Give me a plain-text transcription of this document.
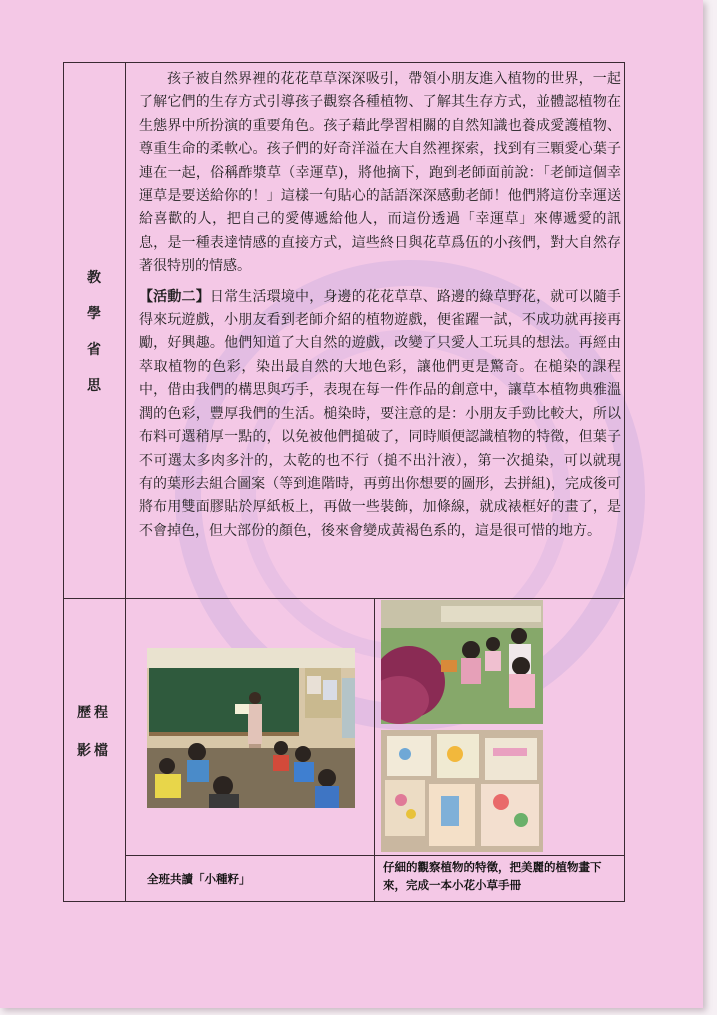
教
學
省
思

孩子被自然界裡的花花草草深深吸引，帶領小朋友進入植物的世界，一起了解它們的生存方式引導孩子觀察各種植物、了解其生存方式，並體認植物在生態界中所扮演的重要角色。孩子藉此學習相關的自然知識也養成愛護植物、尊重生命的柔軟心。孩子們的好奇洋溢在大自然裡探索，找到有三顆愛心葉子連在一起，俗稱酢漿草（幸運草)，將他摘下，跑到老師面前說：「老師這個幸運草是要送給你的！」這樣一句貼心的話語深深感動老師！他們將這份幸運送給喜歡的人，把自己的愛傳遞給他人，而這份透過「幸運草」來傳遞愛的訊息，是一種表達情感的直接方式，這些終日與花草爲伍的小孩們，對大自然存著很特別的情感。

【活動二】日常生活環境中，身邊的花花草草、路邊的綠草野花，就可以隨手得來玩遊戲，小朋友看到老師介紹的植物遊戲，便雀躍一試，不成功就再接再勵，好興趣。他們知道了大自然的遊戲，改變了只愛人工玩具的想法。再經由萃取植物的色彩，染出最自然的大地色彩，讓他們更是驚奇。在槌染的課程中，借由我們的構思與巧手，表現在每一件作品的創意中，讓草本植物典雅溫潤的色彩，豐厚我們的生活。槌染時，要注意的是：小朋友手勁比較大，所以布料可選稍厚一點的，以免被他們搥破了，同時順便認識植物的特徵，但葉子不可選太多肉多汁的，太乾的也不行（搥不出汁液），第一次搥染，可以就現有的葉形去組合圖案（等到進階時，再剪出你想要的圖形，去拼組)，完成後可將布用雙面膠貼於厚紙板上，再做一些裝飾，加條線，就成裱框好的畫了，是不會掉色，但大部份的顏色，後來會變成黃褐色系的，這是很可惜的地方。

歷程
影檔
全班共讀「小種籽」
仔細的觀察植物的特徵，把美麗的植物畫下來，完成一本小花小草手冊
